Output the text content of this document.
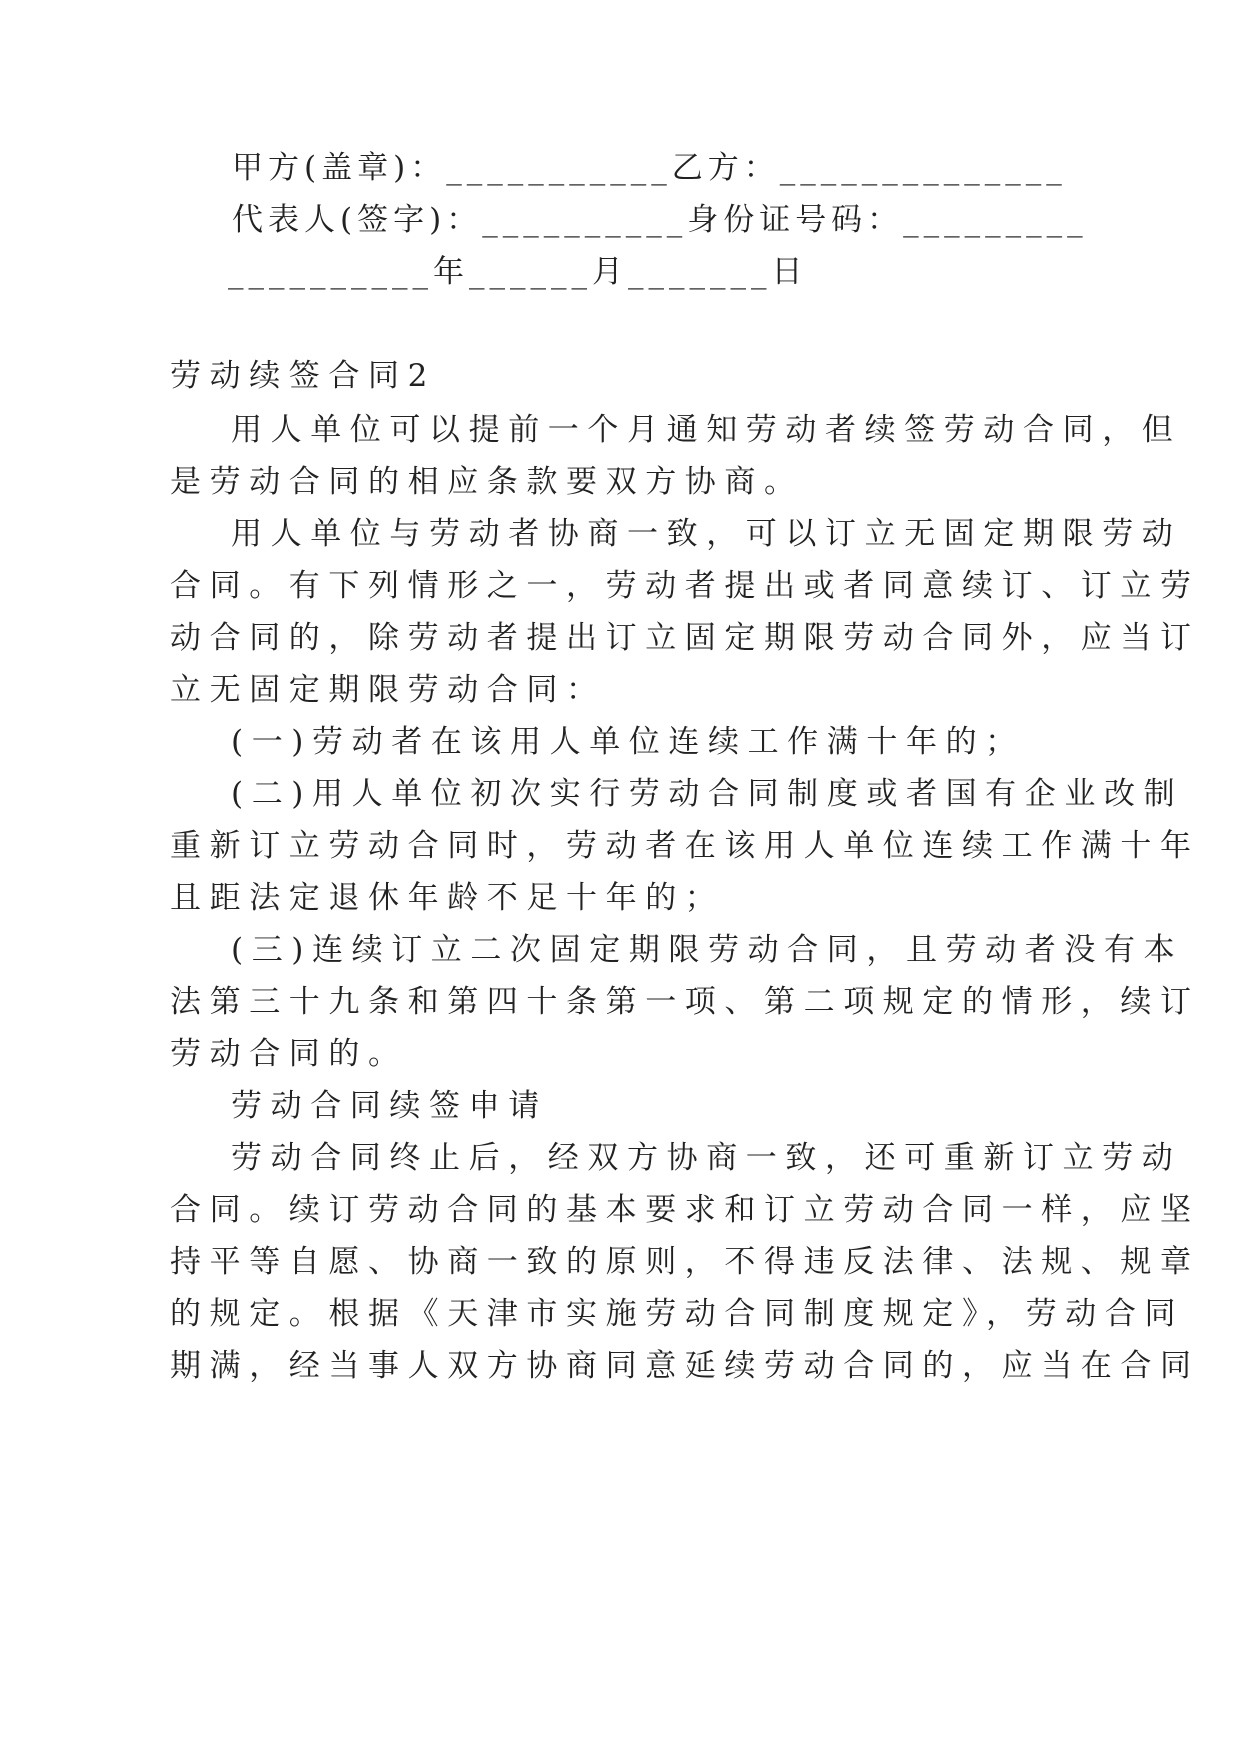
甲方(盖章)：___________乙方：______________
代表人(签字)：__________身份证号码：_________
__________年______月_______日
劳动续签合同2
用人单位可以提前一个月通知劳动者续签劳动合同，但
是劳动合同的相应条款要双方协商。
用人单位与劳动者协商一致，可以订立无固定期限劳动
合同。有下列情形之一，劳动者提出或者同意续订、订立劳
动合同的，除劳动者提出订立固定期限劳动合同外，应当订
立无固定期限劳动合同：
(一)劳动者在该用人单位连续工作满十年的；
(二)用人单位初次实行劳动合同制度或者国有企业改制
重新订立劳动合同时，劳动者在该用人单位连续工作满十年
且距法定退休年龄不足十年的；
(三)连续订立二次固定期限劳动合同，且劳动者没有本
法第三十九条和第四十条第一项、第二项规定的情形，续订
劳动合同的。
劳动合同续签申请
劳动合同终止后，经双方协商一致，还可重新订立劳动
合同。续订劳动合同的基本要求和订立劳动合同一样，应坚
持平等自愿、协商一致的原则，不得违反法律、法规、规章
的规定。根据《天津市实施劳动合同制度规定》，劳动合同
期满，经当事人双方协商同意延续劳动合同的，应当在合同
